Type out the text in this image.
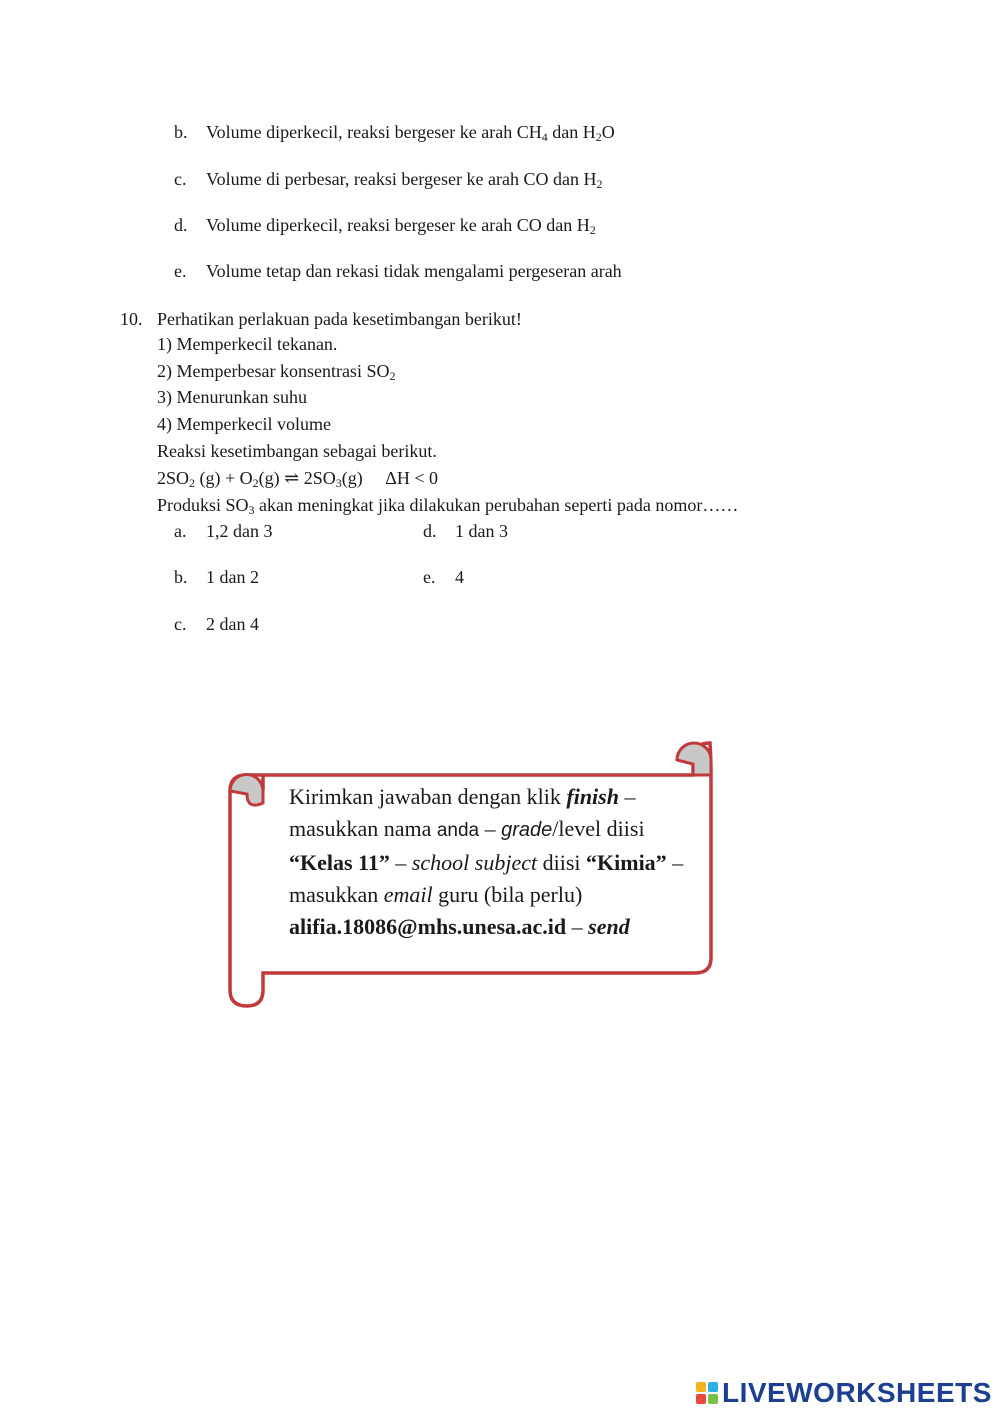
b. Volume diperkecil, reaksi bergeser ke arah $CH_4$ dan $H_2O$
c. Volume di perbesar, reaksi bergeser ke arah CO dan $H_2$
d. Volume diperkecil, reaksi bergeser ke arah CO dan $H_2$
e. Volume tetap dan rekasi tidak mengalami pergeseran arah
10. Perhatikan perlakuan pada kesetimbangan berikut!
1) Memperkecil tekanan.
2) Memperbesar konsentrasi $SO_2$
3) Menurunkan suhu
4) Memperkecil volume
Reaksi kesetimbangan sebagai berikut.
$2SO_2$ $(g) + O_2(g)$ ⇌ $2SO_3(g) \Delta H < 0$
Produksi $SO_3$ akan meningkat jika dilakukan perubahan seperti pada nomor……
a. 1,2 dan 3	d. 1 dan 3
b. 1 dan 2	e. 4
c. 2 dan 4
Kirimkan jawaban dengan klik finish – masukkan nama anda – grade/level diisi “Kelas 11” – school subject diisi “Kimia” – masukkan email guru (bila perlu) alifia.18086@mhs.unesa.ac.id – send
LIVEWORKSHEETS
